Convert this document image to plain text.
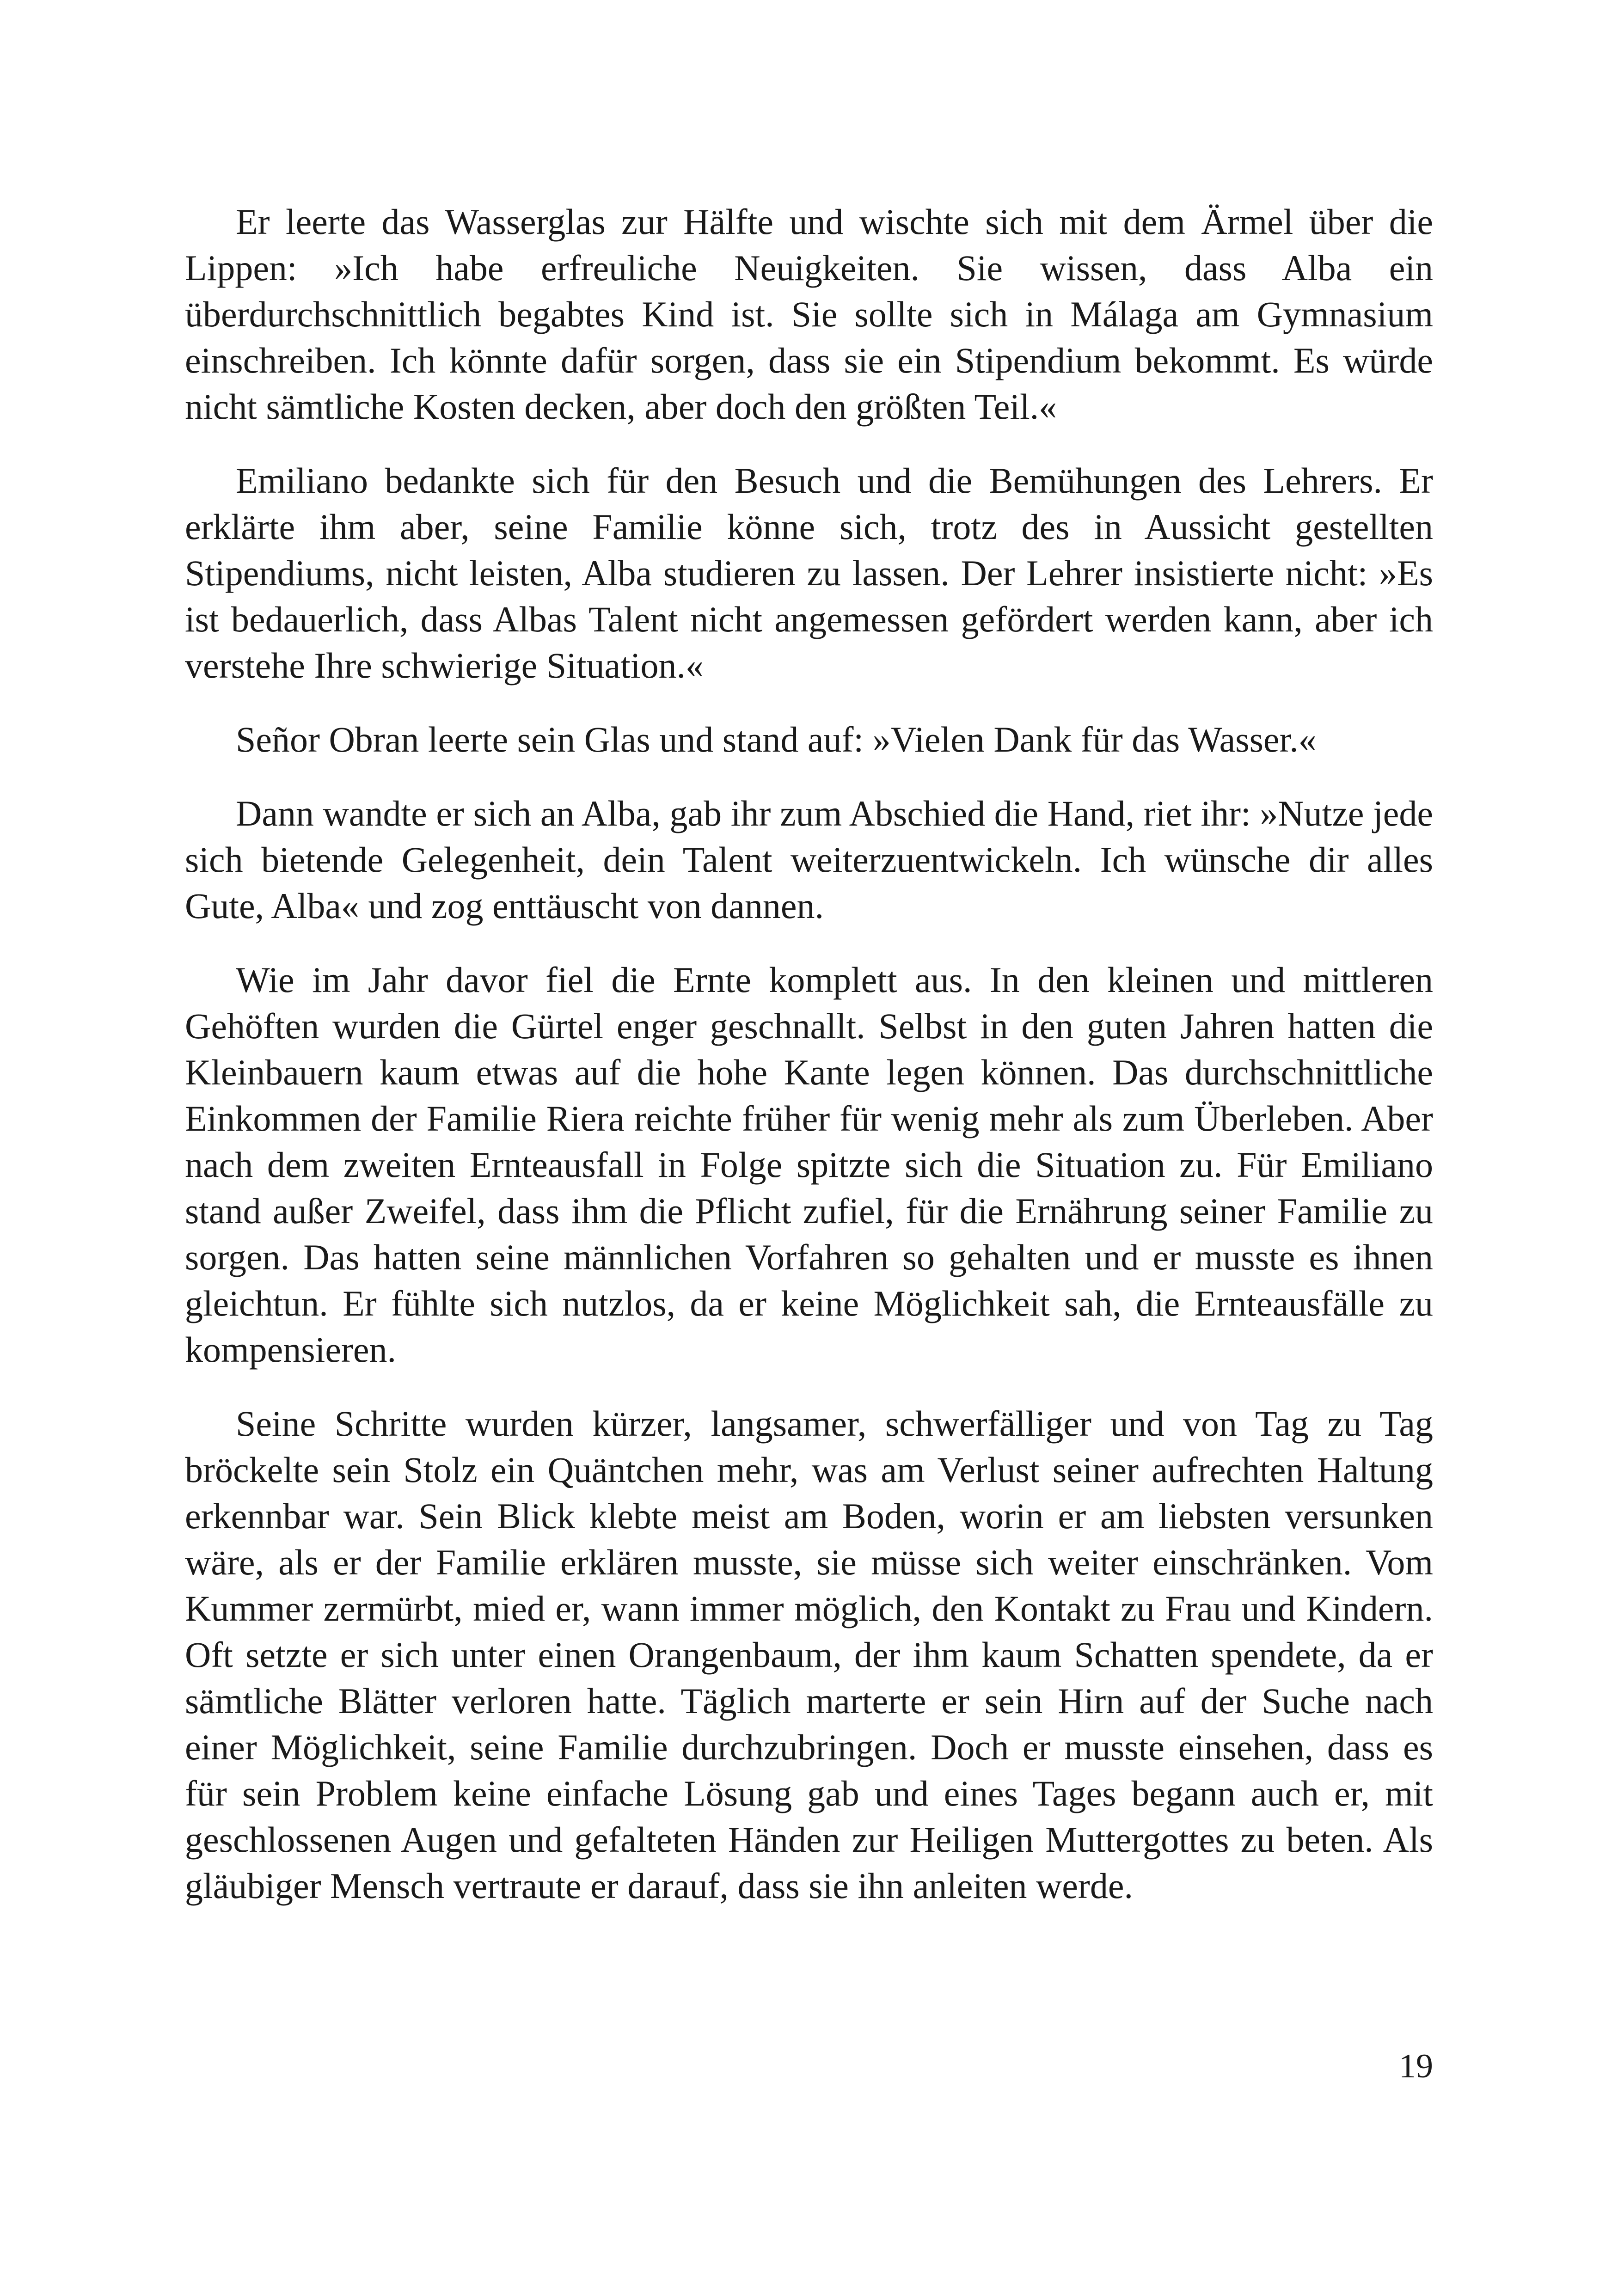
Er leerte das Wasserglas zur Hälfte und wischte sich mit dem Ärmel über die Lippen: »Ich habe erfreuliche Neuigkeiten. Sie wissen, dass Alba ein überdurchschnittlich begabtes Kind ist. Sie sollte sich in Málaga am Gymnasium einschreiben. Ich könnte dafür sorgen, dass sie ein Stipendium bekommt. Es würde nicht sämtliche Kosten decken, aber doch den größten Teil.«

Emiliano bedankte sich für den Besuch und die Bemühungen des Lehrers. Er erklärte ihm aber, seine Familie könne sich, trotz des in Aussicht gestellten Stipendiums, nicht leisten, Alba studieren zu lassen. Der Lehrer insistierte nicht: »Es ist bedauerlich, dass Albas Talent nicht angemessen gefördert werden kann, aber ich verstehe Ihre schwierige Situation.«

Señor Obran leerte sein Glas und stand auf: »Vielen Dank für das Wasser.«

Dann wandte er sich an Alba, gab ihr zum Abschied die Hand, riet ihr: »Nutze jede sich bietende Gelegenheit, dein Talent weiterzuentwickeln. Ich wünsche dir alles Gute, Alba« und zog enttäuscht von dannen.

Wie im Jahr davor fiel die Ernte komplett aus. In den kleinen und mittleren Gehöften wurden die Gürtel enger geschnallt. Selbst in den guten Jahren hatten die Kleinbauern kaum etwas auf die hohe Kante legen können. Das durchschnittliche Einkommen der Familie Riera reichte früher für wenig mehr als zum Überleben. Aber nach dem zweiten Ernteausfall in Folge spitzte sich die Situation zu. Für Emiliano stand außer Zweifel, dass ihm die Pflicht zufiel, für die Ernährung seiner Familie zu sorgen. Das hatten seine männlichen Vorfahren so gehalten und er musste es ihnen gleichtun. Er fühlte sich nutzlos, da er keine Möglichkeit sah, die Ernteausfälle zu kompensieren.

Seine Schritte wurden kürzer, langsamer, schwerfälliger und von Tag zu Tag bröckelte sein Stolz ein Quäntchen mehr, was am Verlust seiner aufrechten Haltung erkennbar war. Sein Blick klebte meist am Boden, worin er am liebsten versunken wäre, als er der Familie erklären musste, sie müsse sich weiter einschränken. Vom Kummer zermürbt, mied er, wann immer möglich, den Kontakt zu Frau und Kindern. Oft setzte er sich unter einen Orangenbaum, der ihm kaum Schatten spendete, da er sämtliche Blätter verloren hatte. Täglich marterte er sein Hirn auf der Suche nach einer Möglichkeit, seine Familie durchzubringen. Doch er musste einsehen, dass es für sein Problem keine einfache Lösung gab und eines Tages begann auch er, mit geschlossenen Augen und gefalteten Händen zur Heiligen Muttergottes zu beten. Als gläubiger Mensch vertraute er darauf, dass sie ihn anleiten werde.

19
